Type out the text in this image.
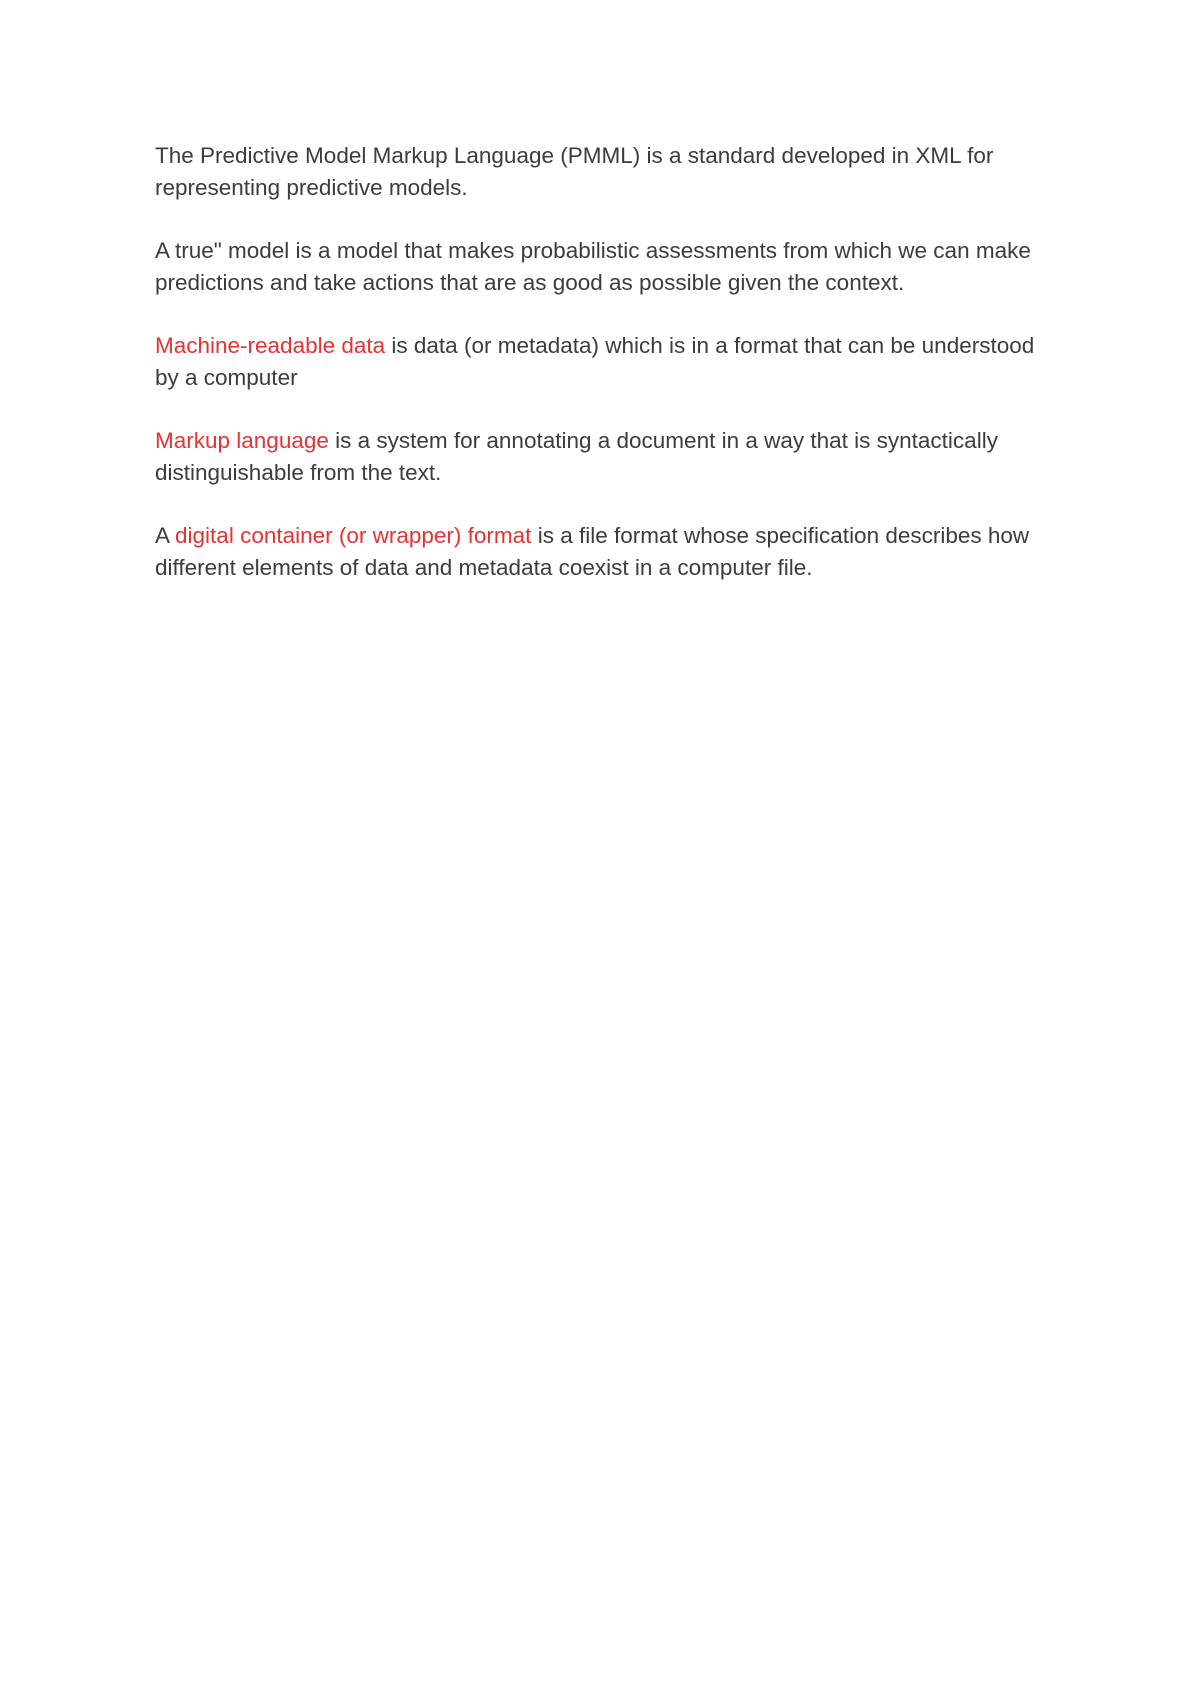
The Predictive Model Markup Language (PMML) is a standard developed in XML for representing predictive models.

A true" model is a model that makes probabilistic assessments from which we can make predictions and take actions that are as good as possible given the context.

Machine-readable data is data (or metadata) which is in a format that can be understood by a computer

Markup language is a system for annotating a document in a way that is syntactically distinguishable from the text.

A digital container (or wrapper) format is a file format whose specification describes how different elements of data and metadata coexist in a computer file.
